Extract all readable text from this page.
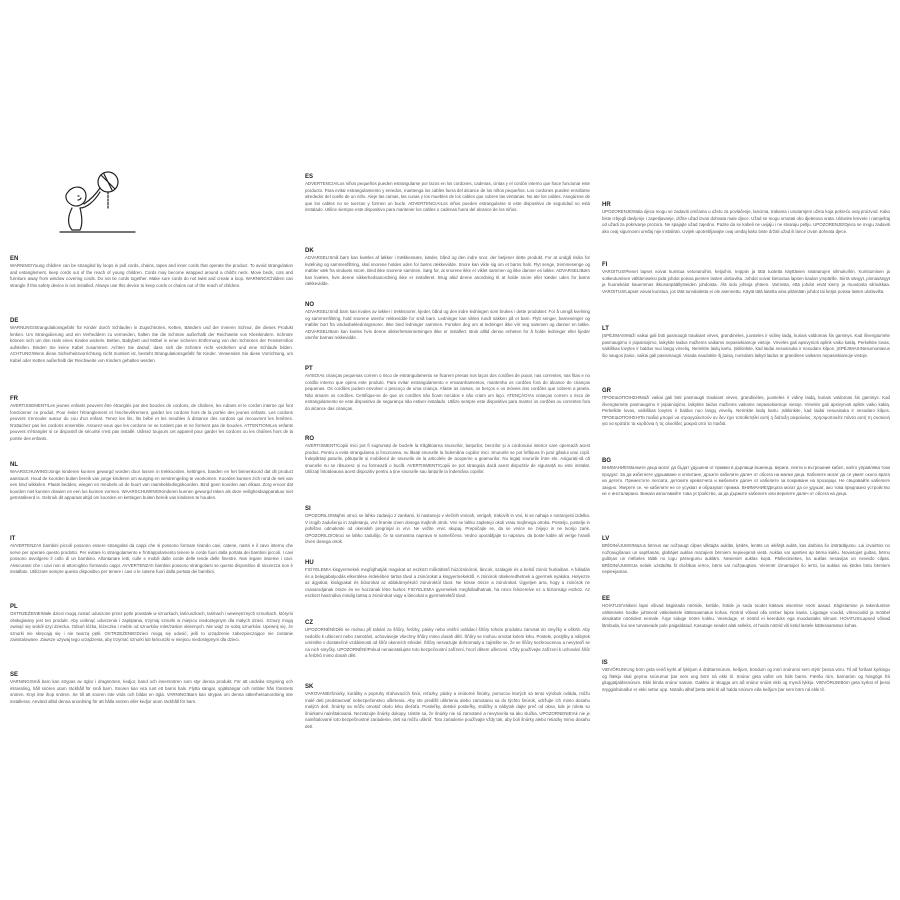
EN

WARNING!Young children can be strangled by loops in pull cords, chains, tapes and inner cords that operate the product. To avoid strangulation and entanglement, keep cords out of the reach of young children. Cords may become wrapped around a child's neck. Move beds, cots and furniture away from window covering cords. Do not tie cords together. Make sure cords do not twist and create a loop. WARNING!Children can strangle if this safety device is not installed. Always use this device to keep cords or chains out of the reach of children.

DE

WARNUNG!Strangulationsgefahr für Kinder durch Schlaufen in Zugschnüren, Ketten, Bändern und der inneren Schnur, die dieses Produkt lenken. Um Strangulierung und ein Verheddern zu vermeiden, halten Sie die Schnüre außerhalb der Reichweite von Kleinkindern. Schnüre können sich um den Hals eines Kindes wickeln. Betten, Babybett und Möbel in einer sicheren Entfernung von den Schnüren der Fensterrollos aufstellen. Binden Sie keine Kabel zusammen. Achten Sie darauf, dass sich die Schnüre nicht verdrehen und eine Schlaufe bilden. ACHTUNG!Wenn diese Sicherheitsvorrichtung nicht montiert ist, besteht Strangulationsgefahr für Kinder. Verwenden Sie diese Vorrichtung, um Kabel oder Ketten außerhalb der Reichweite von Kindern gehalten werden.

FR

AVERTISSEMENT!Les jeunes enfants peuvent être étranglés par des boucles de cordons, de chaînes, les rubans et le cordon interne qui font fonctionner ce produit. Pour éviter l'étranglement et l'enchevêtrement, gardez les cordons hors de la portée des jeunes enfants. Les cordons peuvent s'enrouler autour du cou d'un enfant. Tenez les lits, lits bébé et les meubles à distance des cordons qui recouvrent les fenêtres. N'attachez pas les cordons ensemble. Assurez-vous que les cordons ne se tordent pas et ne forment pas de boucles. ATTENTION!Les enfants peuvent s'étrangler si ce dispositif de sécurité n'est pas installé. Utilisez toujours cet appareil pour garder les cordons ou les chaînes hors de la portée des enfants.

NL

WAARSCHUWING!Jonge kinderen kunnen gewurgd worden door lussen in trekkoorden, kettingen, banden en het binnenkoord dat dit product aanstuurt. Houd de koorden buiten bereik van jonge kinderen om wurging en verstrengeling te voorkomen. Koorden kunnen zich rond de nek van een kind wikkelen. Plaats bedden, wiegen en meubels uit de buurt van raambekledingskoorden. Bind geen koorden aan elkaar. Zorg ervoor dat koorden niet kunnen draaien en een lus kunnen vormen. WAARSCHUWING!Kinderen kunnen gewurgd raken als deze veiligheidsapparatuur niet geïnstalleerd is. Gebruik dit apparaat altijd om koorden en kettingen buiten bereik van kinderen te houden.

IT

AVVERTENZA!I bambini piccoli possono essere strangolati da cappi che si possono formare tirando cavi, catene, nastri e il cavo interno che serve per operare questo prodotto. Per evitare lo strangolamento e l'intrappolamento tenere le corde fuori dalla portata dei bambini piccoli. I cavi possono avvolgersi il collo di un bambino. Allontanare letti, culle e mobili dalle corde delle tende delle finestre. Non legare insieme i cavi. Assicurarsi che i cavi non si attorciglino formando cappi. AVVERTENZA!I bambini possono strangolarsi se questo dispositivo di sicurezza non è installato. Utilizzare sempre questo dispositivo per tenere i cavi o le catene fuori dalla portata dei bambini.

PL

OSTRZEŻENIE!Małe dzieci mogą zostać uduszone przez pętle powstałe w sznurkach, łańcuszkach, taśmach i wewnętrznych sznurkach, którymi obsługiwany jest ten produkt. Aby uniknąć uduszenia i zaplątania, trzymaj sznurki w miejscu niedostępnym dla małych dzieci. Sznury mogą owinąć się wokół szyi dziecka. Odsuń łóżka, łóżeczka i meble od sznurków rolet/zasłon okiennych. Nie wiąż ze sobą sznurków. Upewnij się, że sznurki nie skręcają się i nie tworzą pętli. OSTRZEŻENIE!Dzieci mogą się udusić, jeśli to urządzenie zabezpieczające nie zostanie zainstalowane. Zawsze używaj tego urządzenia, aby trzymać sznurki lub łańcuszki w miejscu niedostępnym dla dzieci.

SE

VARNING!Små barn kan strypas av öglor i dragsnören, kedjor, band och innersnören som styr denna produkt. För att undvika strypning och intrassling, håll snören utom räckhåll för små barn. Snoren kan vira runt ett barns hals. Flytta sängar, spjälsängar och möbler från fönstrets snören. Knyt inte ihop snören. Se till att snoren inte vrids och bildar en ögla. VARNING!Barn kan strypas om denna säkerhetsanordning inte installeras. Använd alltid denna anordning för att hålla snören eller kedjor utom räckhåll för barn.

ES

ADVERTENCIA!Los niños pequeños pueden estrangularse por lazos en los cordones, cadenas, cintas y el cordón interno que hace funcionar este producto. Para evitar estrangulamiento y enredos, mantenga los cables fuera del alcance de los niños pequeños. Los cordones pueden enrollarse alrededor del cuello de un niño. Aleje las camas, las cunas y los muebles de los cables que cubren las ventanas. No ate los cables. Asegúrese de que los cables no se tuerzan y formen un bucle. ADVERTENCIA!Los niños pueden estrangularse si este dispositivo de seguridad no está instalado. Utilice siempre este dispositivo para mantener los cables o cadenas fuera del alcance de los niños.

DK

ADVARSEL!Små børn kan kvæles af løkker i trækkesnøre, kæder, bånd og den indre snor, der betjener dette produkt. For at undgå risiko for kvælning og sammenfiltring, skal snorene holdes uden for børns rækkevidde. Snore kan vikle sig om et barns hals. Flyt senge, tremmesenge og møbler væk fra vinduets snore. Bind ikke snorene sammen. Sørg for, at snorene ikke er viklet sammen og ikke danner en løkke. ADVARSEL!Børn kan kvæles, hvis denne sikkerhedsanordning ikke er installeret. Brug altid denne anordning til at holde snore eller kæder uden for børns rækkevidde.

NO

ADVARSEL!Små barn kan kvales av løkker i trekksnorer, kjeder, bånd og den indre ledningen som brukes i dette produktet. For å unngå kvelning og sammenfiltring, hold snorene utenfor rekkevidde for små barn. Ledninger kan vikles rundt nakken på et barn. Flytt senger, barnesenger og møbler bort fra vindusbekledningsnorer. Ikke bind ledninger sammen. Forsikre deg om at ledninger ikke vrir seg sammen og danner en løkke. ADVARSEL!Barn kan kveles hvis denne sikkerhetsinnretningen ikke er installert. Bruk alltid denne enheten for å holde ledninger eller kjeder utenfor barnas rekkevidde.

PT

AVISO!As crianças pequenas correm o risco de estrangulamento se ficarem presas nos laços dos cordões de puxar, nas correntes, nas fitas e no cordão interno que opera este produto. Para evitar estrangulamento e emaranhamentos, mantenha os cordões fora do alcance de crianças pequenas. Os cordões podem envolver o pescoço de uma criança. Afaste as camas, os berços e os móveis dos cordões que cobrem a janela. Não amarre os cordões. Certifique-se de que os cordões não ficam torcidos e não criam um laço. ATENÇÃO!As crianças correm o risco de estrangulamento se este dispositivo de segurança não estiver instalado. Utilize sempre este dispositivo para manter os cordões ou correntes fora do alcance das crianças.

RO

AVERTISMENT!Copiii mici pot fi sugrumați de buclele la trăgătoarea snururilor, lanțurilor, benzilor și a cordonului interior care operează acest produs. Pentru a evita strangularea și încurcarea, nu lăsați snururile la îndemâna copiilor mici. Snururile se pot înfășura în jurul gâtului unui copil. Îndepărtați paturile, pătuțurile și mobilierul de snururile de la articolele de acoperire a geamurilor. Nu legați snururile între ele. Asigurați-vă că snururile nu se răsucesc și nu formează o buclă. AVERTISMENT!Copiii se pot strangula dacă acest dispozitiv de siguranță nu este instalat. Utilizați întotdeauna acest dispozitiv pentru a ține snururile sau lanțurile la îndemâna copiilor.

SI

OPOZORILO!Majhni otroci se lahko zadavijo z zankami, ki nastanejo v vlečnih vrvicah, verigah, trakovih in vrvi, ki se nahaja v notranjosti izdelka. V izogib zadušenju in zapletanju, vrvi hranite izven dosega majhnih otrok. Vrvi se lahko zapletejo okoli vratu majhnega otroka. Posteljo, postelje in pohištvo odmaknite od okenskih pregrinjal in vrvi. Ne vežite vrvic skupaj. Prepričajte se, da se vrvice ne zvijejo in ne tvorijo zank. OPOZORILO!Otroci se lahko zadušijo, če ta varnostna naprava ni nameščena. Vedno uporabljajte to napravo, da boste kable ali verige hranili izven dosega otrok.

HU

FIGYELEM!A kisgyermekek megfojthatják magukat az eszközt működtető húzózsinórok, láncok, szalagok és a belső zsinór hurkaiban. A fulladás és a belegabalyodás elkerülése érdekében tartsa távol a zsinórokat a kisgyermekektől. A zsinórok rátekeredhetnek a gyermek nyakára. Helyezze az ágyakat, kiságyakat és bútorokat az ablakárnyékoló zsinóroktól távol. Ne kösse össze a zsinórokat. Ügyeljen arra, hogy a zsinórok ne csavarodjanak össze és ne hozzanak létre hurkot. FIGYELEM!A gyermekek megfulladhatnak, ha nincs felszerelve ez a biztonsági eszköz. Az eszközt használva mindig tartsa a zsinórokat vagy a láncokat a gyermekektől távol.

CZ

UPOZORNĚNÍ!Děti se mohou při tahání za šňůry, řetízky, pásky nebo vnitřní ovládací šňůry tohoto produktu zamotat do smyčky a uškrtit. Aby nedošlo k uškrcení nebo zamotání, uchovávejte všechny šňůry mimo dosah dětí. Šňůry se mohou omotat kolem krku. Postele, postýlky a nábytek umístěte v dostatečné vzdálenosti od šňůr okenních stínidel. Šňůry nesvazujte dohromady a zajistěte se, že se šňůry nezkroucenou a nevytvoří se na nich smyčky. UPOZORNĚNÍ!Pokud nenainstalujete toto bezpečnostní zařízení, hrozí dětem uškrcení. Vždy používejte zařízení k uchování šňůr a řetízků mimo dosah dětí.

SK

VAROVANIE!Šnúrky, koráliky a popruhy sťahovacích šnúr, reťazky, pásky a vnútorné šnúrky, pomocou ktorých sa tento výrobok ovláda, môžu malé deti predstavovať nebezpečenstvo uškrtenia. Aby ste predišli uškrteniu alebo zamotaniu sa do týchto šnúrok, udržujte ich mimo dosahu malých detí. Šnúrky sa môžu omotať okolo krku dieťaťa. Postieľky, detské postieľky, stoličky a nábytok dajte preč od okna, kde je roleta so šnúrkami nainštalovaná. Nezväzujte šnúrky dokopy. Uistite sa, že šnúrky nie sú zamotané a nevytvorila sa ako slučka. UPOZORNENIE!Ak nie je nainštalované toto bezpečnostné zariadenie, deti sa môžu uškrtiť. Toto zariadenie používajte vždy tak, aby boli šnúrky alebo retiazky mimo dosahu detí.

HR

UPOZORENJE!Mala djeca mogu se zadaviti omčama u užetu za povlačenje, lancima, trakama i unutarnjem užetu koja pokreću ovaj proizvod. Kako biste izbjegli davljenje i zapetljavanje, držite užad izvan dohvata male djece. Užad se mogu omotati oko djetetova vrata. Uklonite krevete i namještaj od užadi za pokrivanje prozora. Ne spajajte užad zajedno. Pazite da se kabeli ne uvijaju i ne stvaraju petlju. UPOZORENJE!Djeca se mogu zadaviti ako ovaj sigurnosni uređaj nije instaliran. Uvijek upotrebljavajte ovaj uređaj kako biste držali užad ili lance izvan dohvata djece.

FI

VAROITUS!Pienet lapset voivat kuristua vetonaruihin, ketjuihin, teippiin ja tätä tuotetta käyttävien sisänarujen silmukoihin. Kuristumisen ja sotkeutumisen välttämiseksi pidä johdot poissa pienten lasten ulottuvilta. Johdot voivat kietoutua lapsen kaulan ympärille. Siirrä sängyt, pinnasängyt ja huonekalut kauemmas ikkunanpäällysteiden johdoista. Älä sido johtoja yhteen. Varmista, että johdot eivät kierry ja muodosta silmukkaa. VAROITUS!Lapset voivat kuristua, jos tätä turvalaitetta ei ole asennettu. Käytä tätä laitetta aina pitämään johdot tai ketjut poissa lasten ulottuvilta.

LT

ĮSPĖJIMAS!Maži vaikai gali būti pasmaugti traukiant virves, grandinėles, juosteles ir vidinę laidą, kuriais valdomas šis gaminys. Kad išvengtumėte pasmaugimo ir įsipainiojimo, laikykite laidus mažiems vaikams nepasiekiamoje vietoje. Virvelės gali apsivynioti aplink vaiko kaklą. Perkelkite lovas, vaikiškas lovytes ir baldus nuo langų virvelių. Nerinkite laidų kartu. Įsitikinkite, kad laidai nesusisuka ir nesudaro kilpos. ĮSPĖJIMAS!Nesumontavus šio saugos įtaiso, vaikai gali pasismaugti. Visada naudokite šį įtaisą, norėdami laikyti laidus ar grandines vaikams nepasiekiamoje vietoje.

GR

ΠΡΟΕΙΔΟΠΟΙΗΣΗ!Maži vaikai gali būti pasmaugti traukiant virves, grandinėles, juosteles ir vidinę laidą, kuriais valdomas šis gaminys. Kad išvengtumėte pasmaugimo ir įsipainiojimo, laikykite laidus mažiems vaikams nepasiekiamoje vietoje. Virvelės gali apsivynioti aplink vaiko kaklą. Perkelkite lovas, vaikiškas lovytes ir baldus nuo langų virvelių. Nerinkite laidų kartu. Įsitikinkite, kad laidai nesusisuka ir nesudaro kilpos. ΠΡΟΕΙΔΟΠΟΙΗΣΗ!Τα παιδιά μπορεί να στραγγαλιστούν αν δεν έχει τοποθετηθεί αυτή η διάταξη ασφαλείας. Χρησιμοποιείτε πάντα αυτή τη συσκευή για να κρατάτε τα κορδόνια ή τις αλυσίδες μακριά από τα παιδιά.

BG

ВНИМАНИЕ!Малките деца могат да бъдат удушени от примки в дърпащи въженца, вериги, ленти и вътрешния кабел, който управлява този продукт. За да избегнете удушаване и оплитане, дръжте кабелите далеч от обсега на малки деца. Кабелите могат да се увият около врата на детето. Преместете леглата, детските креватчета и мебелите далеч от кабелите за покриване на прозорци. Не свързвайте кабелите заедно. Уверете се, че кабелите не се усукват и образуват примка. ВНИМАНИЕ!Децата могат да се удушат, ако това предпазно устройство не е инсталирано. Винаги използвайте това устройство, за да държите кабелите или веригите далеч от обсега на деца.

LV

BRĪDINĀJUMS!Mazus bērnus var nožņaugt cilpas vilktajās auklās, ķēdēs, lentēs un iekšējā auklā, kas darbina šo izstrādājumu. Lai izvairītos no nožņaugšanas un sapīšanās, glabājiet auklas mazajiem bērniem nepieejamā vietā. Auklas var apvīties ap bērna kaklu. Novietojiet gultas, bērnu gultiņas un mēbeles tālāk no logu pārsegumu auklām. Nesieniet auklas kopā. Pārliecinieties, ka auklas nesavijas un neveido cilpas. BRĪDINĀJUMS!Ja netiek uzstādīta šī drošības ierīce, bērni var nožņaugties. Vienmēr izmantojiet šo ierīci, lai auklas vai ķēdes būtu bērniem nepieejamas.

EE

HOIATUS!Väikesi lapsi võivad kägistada nööride, kettide, lintide ja seda toodet käitava sisemise nööri aasad. Kägistamise ja takerdumise vältimiseks hoidke juhtmeid väikelastele kättesaamatus kohas. Nöörid võivad olla ümber lapse kaela. Liigutage voodid, võrevoodid ja mööbel aknakatte nööridest eemale. Ärge siduge nööre kokku. Veenduge, et nöörid ei keerduks ega moodustaks silmust. HOIATUS!Lapsed võivad lämbuda, kui see turvaseade pole paigaldatud. Kasutage seadet alati selleks, et hoida nöörid või ketid lastele kättesaamatus kohas.

IS

VIÐVÖRUN!Ung börn geta verið kyrkt af lykkjum á dráttarsnúrum, keðjum, böndum og innri snúrunni sem stýrir þessa vöru. Til að forðast kyrkingu og flækju skal geyma snúrurnar þar sem ung börn ná ekki til. Snúrur geta vafist um háls barns. Færðu rúm, barnarúm og húsgögn frá gluggatjaldssnúrum. Ekki binda snúrur saman. Gakktu úr skugga um að snúrur snúist ekki og myndi lykkju. VIÐVÖRUN!Börn geta kyrkst ef þessi öryggisbúnaður er ekki settur upp. Notaðu alltaf þetta tæki til að halda snúrum eða keðjum þar sem börn ná ekki til.
